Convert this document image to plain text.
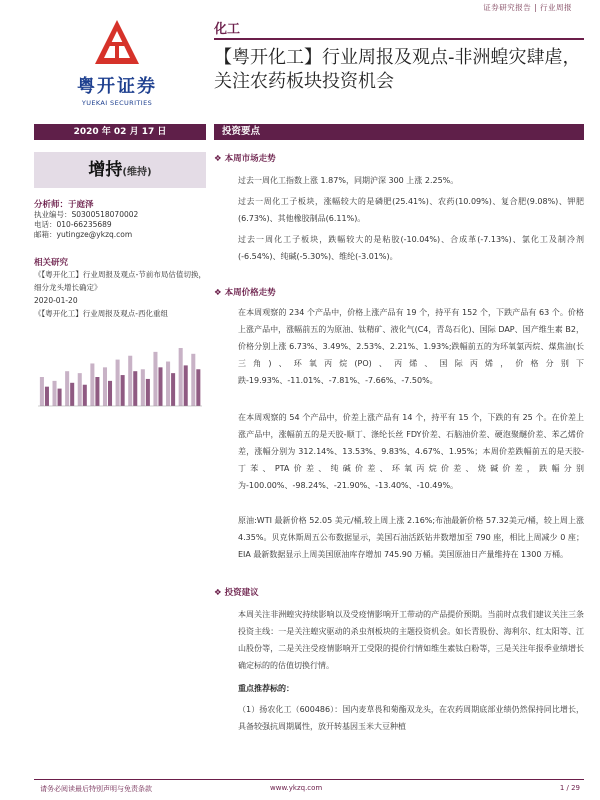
证券研究报告 | 行业周报
粤开证券
YUEKAI SECURITIES
化工
【粤开化工】行业周报及观点-非洲蝗灾肆虐，关注农药板块投资机会
2020 年 02 月 17 日	投资要点
增持(维持)
分析师：于庭泽
执业编号：S0300518070002
电话：010-66235689
邮箱：yutingze@ykzq.com
相关研究
《【粤开化工】行业周报及观点-节前布局估值切换，细分龙头增长确定》
2020-01-20
《【粤开化工】行业周报及观点-西化重组
❖ 本周市场走势
过去一周化工指数上涨 1.87%，同期沪深 300 上涨 2.25%。
过去一周化工子板块，涨幅较大的是磷肥(25.41%)、农药(10.09%)、复合肥(9.08%)、钾肥(6.73%)、其他橡胶制品(6.11%)。
过去一周化工子板块，跌幅较大的是粘胶(-10.04%)、合成革(-7.13%)、氯化工及制冷剂(-6.54%)、纯碱(-5.30%)、维纶(-3.01%)。
❖ 本周价格走势
在本周观察的 234 个产品中，价格上涨产品有 19 个，持平有 152 个，下跌产品有 63 个。价格上涨产品中，涨幅前五的为原油、钛精矿、液化气(C4，青岛石化)、国际 DAP、国产维生素 B2，价格分别上涨 6.73%、3.49%、2.53%、2.21%、1.93%;跌幅前五的为环氧氯丙烷、煤焦油(长三角)、环氧丙烷(PO)、丙烯、国际丙烯，价格分别下跌-19.93%、-11.01%、-7.81%、-7.66%、-7.50%。
在本周观察的 54 个产品中，价差上涨产品有 14 个，持平有 15 个，下跌的有 25 个。在价差上涨产品中，涨幅前五的是天胶-顺丁、涤纶长丝 FDY价差、石脑油价差、硬泡聚醚价差、苯乙烯价差，涨幅分别为 312.14%、13.53%、9.83%、4.67%、1.95%；本周价差跌幅前五的是天胶-丁苯、PTA价差、纯碱价差、环氧丙烷价差、烧碱价差，跌幅分别为-100.00%、-98.24%、-21.90%、-13.40%、-10.49%。
原油:WTI 最新价格 52.05 美元/桶,较上周上涨 2.16%;布油最新价格 57.32美元/桶，较上周上涨 4.35%。贝克休斯周五公布数据显示，美国石油活跃钻井数增加至 790 座，相比上周减少 0 座；EIA 最新数据显示上周美国原油库存增加 745.90 万桶。美国原油日产量维持在 1300 万桶。
❖ 投资建议
本周关注非洲蝗灾持续影响以及受疫情影响开工带动的产品提价预期。当前时点我们建议关注三条投资主线：一是关注蝗灾驱动的杀虫剂板块的主题投资机会。如长青股份、海利尔、红太阳等、江山股份等，二是关注受疫情影响开工受限的提价行情如维生素钛白粉等，三是关注年报季业绩增长确定标的的估值切换行情。
重点推荐标的：
（1）扬农化工（600486）：国内麦草畏和菊酯双龙头，在农药周期底部业绩仍然保持同比增长，具备较强抗周期属性，放开转基因玉米大豆种植
请务必阅读最后特别声明与免责条款	www.ykzq.com	1 / 29
